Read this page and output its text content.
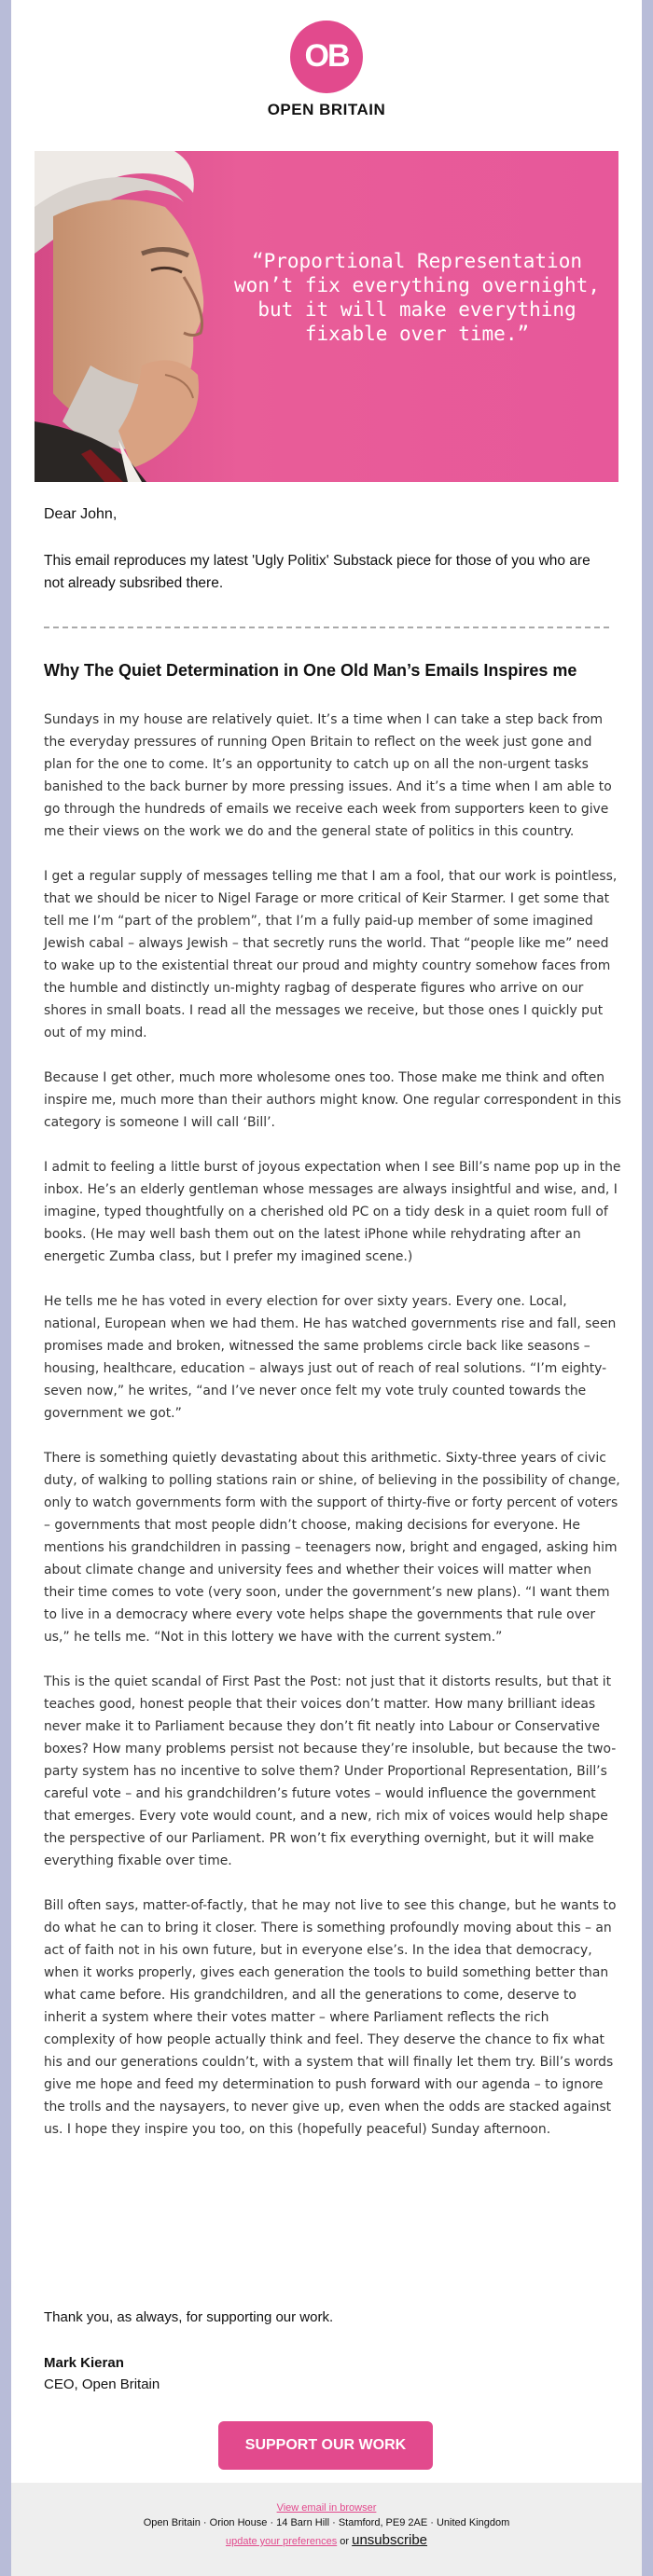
OB
OPEN BRITAIN
“Proportional Representation won’t fix everything overnight, but it will make everything fixable over time.”
Dear John,
This email reproduces my latest 'Ugly Politix' Substack piece for those of you who are not already subsribed there.
Why The Quiet Determination in One Old Man’s Emails Inspires me

Sundays in my house are relatively quiet. It’s a time when I can take a step back from the everyday pressures of running Open Britain to reflect on the week just gone and plan for the one to come. It’s an opportunity to catch up on all the non-urgent tasks banished to the back burner by more pressing issues. And it’s a time when I am able to go through the hundreds of emails we receive each week from supporters keen to give me their views on the work we do and the general state of politics in this country.

I get a regular supply of messages telling me that I am a fool, that our work is pointless, that we should be nicer to Nigel Farage or more critical of Keir Starmer. I get some that tell me I’m “part of the problem”, that I’m a fully paid-up member of some imagined Jewish cabal – always Jewish – that secretly runs the world. That “people like me” need to wake up to the existential threat our proud and mighty country somehow faces from the humble and distinctly un-mighty ragbag of desperate figures who arrive on our shores in small boats. I read all the messages we receive, but those ones I quickly put out of my mind.

Because I get other, much more wholesome ones too. Those make me think and often inspire me, much more than their authors might know. One regular correspondent in this category is someone I will call ‘Bill’.

I admit to feeling a little burst of joyous expectation when I see Bill’s name pop up in the inbox. He’s an elderly gentleman whose messages are always insightful and wise, and, I imagine, typed thoughtfully on a cherished old PC on a tidy desk in a quiet room full of books. (He may well bash them out on the latest iPhone while rehydrating after an energetic Zumba class, but I prefer my imagined scene.)

He tells me he has voted in every election for over sixty years. Every one. Local, national, European when we had them. He has watched governments rise and fall, seen promises made and broken, witnessed the same problems circle back like seasons – housing, healthcare, education – always just out of reach of real solutions. “I’m eighty-seven now,” he writes, “and I’ve never once felt my vote truly counted towards the government we got.”

There is something quietly devastating about this arithmetic. Sixty-three years of civic duty, of walking to polling stations rain or shine, of believing in the possibility of change, only to watch governments form with the support of thirty-five or forty percent of voters – governments that most people didn’t choose, making decisions for everyone. He mentions his grandchildren in passing – teenagers now, bright and engaged, asking him about climate change and university fees and whether their voices will matter when their time comes to vote (very soon, under the government’s new plans). “I want them to live in a democracy where every vote helps shape the governments that rule over us,” he tells me. “Not in this lottery we have with the current system.”

This is the quiet scandal of First Past the Post: not just that it distorts results, but that it teaches good, honest people that their voices don’t matter. How many brilliant ideas never make it to Parliament because they don’t fit neatly into Labour or Conservative boxes? How many problems persist not because they’re insoluble, but because the two-party system has no incentive to solve them? Under Proportional Representation, Bill’s careful vote – and his grandchildren’s future votes – would influence the government that emerges. Every vote would count, and a new, rich mix of voices would help shape the perspective of our Parliament. PR won’t fix everything overnight, but it will make everything fixable over time.

Bill often says, matter-of-factly, that he may not live to see this change, but he wants to do what he can to bring it closer. There is something profoundly moving about this – an act of faith not in his own future, but in everyone else’s. In the idea that democracy, when it works properly, gives each generation the tools to build something better than what came before. His grandchildren, and all the generations to come, deserve to inherit a system where their votes matter – where Parliament reflects the rich complexity of how people actually think and feel. They deserve the chance to fix what his and our generations couldn’t, with a system that will finally let them try. Bill’s words give me hope and feed my determination to push forward with our agenda – to ignore the trolls and the naysayers, to never give up, even when the odds are stacked against us. I hope they inspire you too, on this (hopefully peaceful) Sunday afternoon.

Thank you, as always, for supporting our work.
Mark Kieran
CEO, Open Britain
SUPPORT OUR WORK
View email in browser
Open Britain · Orion House · 14 Barn Hill · Stamford, PE9 2AE · United Kingdom
update your preferences or unsubscribe
